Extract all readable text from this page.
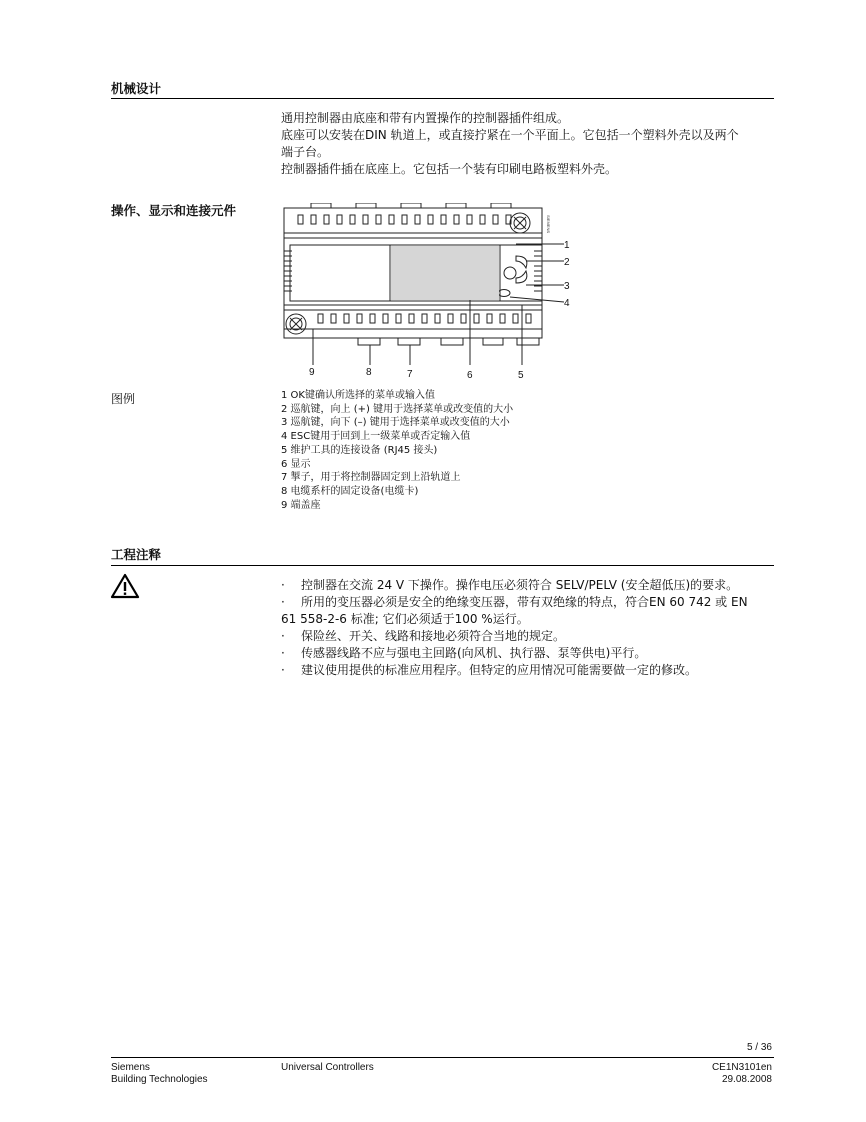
机械设计
通用控制器由底座和带有内置操作的控制器插件组成。
底座可以安装在DIN 轨道上，或直接拧紧在一个平面上。它包括一个塑料外壳以及两个
端子台。
控制器插件插在底座上。它包括一个装有印刷电路板塑料外壳。
操作、显示和连接元件
1
2
3
4
5
6
7
8
9
SIEMENS
图例	1 OK键确认所选择的菜单或输入值
2 巡航键，向上 (+) 键用于选择菜单或改变值的大小
3 巡航键，向下 (–) 键用于选择菜单或改变值的大小
4 ESC键用于回到上一级菜单或否定输入值
5 维护工具的连接设备 (RJ45 接头)
6 显示
7 掣子，用于将控制器固定到上沿轨道上
8 电缆系杆的固定设备(电缆卡)
9 端盖座
工程注释
· 控制器在交流 24 V 下操作。操作电压必须符合 SELV/PELV (安全超低压)的要求。
· 所用的变压器必须是安全的绝缘变压器，带有双绝缘的特点，符合EN 60 742 或 EN
61 558-2-6 标准; 它们必须适于100 %运行。
· 保险丝、开关、线路和接地必须符合当地的规定。
· 传感器线路不应与强电主回路(向风机、执行器、泵等供电)平行。
· 建议使用提供的标准应用程序。但特定的应用情况可能需要做一定的修改。
5 / 36
Siemens
Building Technologies
Universal Controllers	CE1N3101en
29.08.2008
